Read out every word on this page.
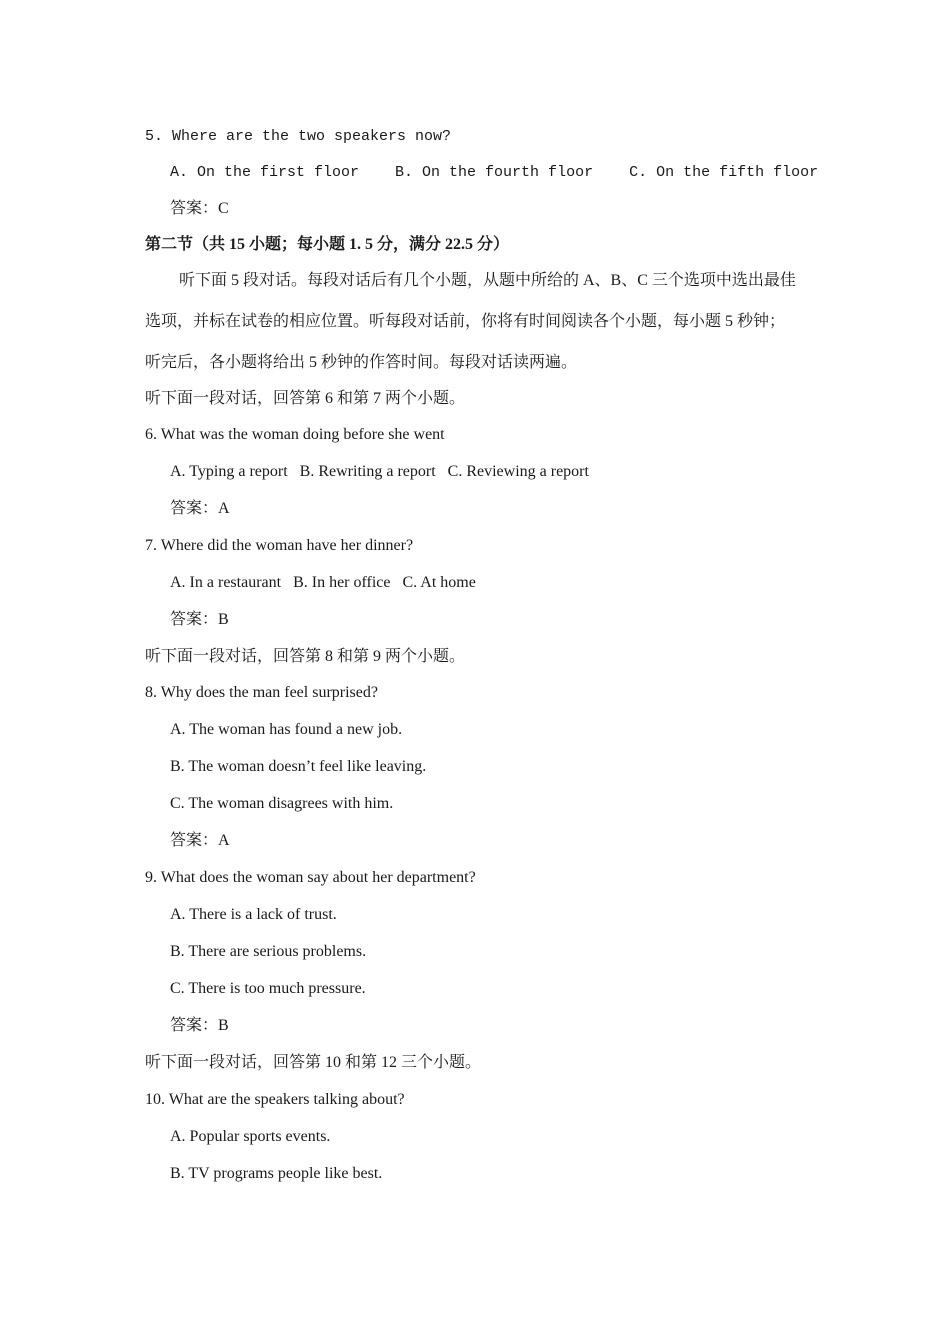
5. Where are the two speakers now?
A. On the first floor    B. On the fourth floor    C. On the fifth floor
答案：C
第二节（共 15 小题；每小题 1. 5 分，满分 22.5 分）
听下面 5 段对话。每段对话后有几个小题，从题中所给的 A、B、C 三个选项中选出最佳选项，并标在试卷的相应位置。听每段对话前，你将有时间阅读各个小题，每小题 5 秒钟；听完后，各小题将给出 5 秒钟的作答时间。每段对话读两遍。
听下面一段对话，回答第 6 和第 7 两个小题。
6. What was the woman doing before she went
A. Typing a report   B. Rewriting a report   C. Reviewing a report
答案：A
7. Where did the woman have her dinner?
A. In a restaurant   B. In her office   C. At home
答案：B
听下面一段对话，回答第 8 和第 9 两个小题。
8. Why does the man feel surprised?
A. The woman has found a new job.
B. The woman doesn’t feel like leaving.
C. The woman disagrees with him.
答案：A
9. What does the woman say about her department?
A. There is a lack of trust.
B. There are serious problems.
C. There is too much pressure.
答案：B
听下面一段对话，回答第 10 和第 12 三个小题。
10. What are the speakers talking about?
A. Popular sports events.
B. TV programs people like best.
